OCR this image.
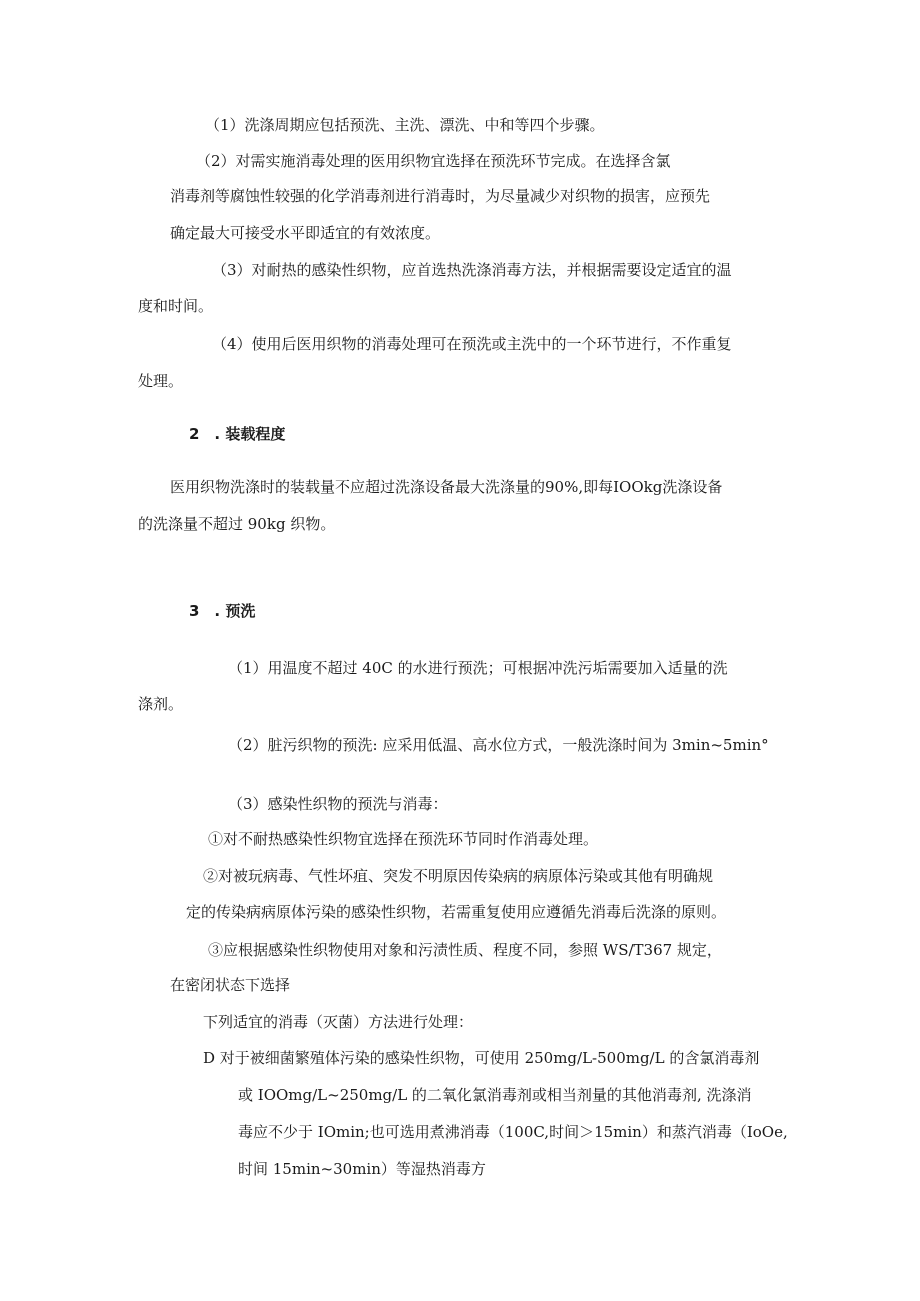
（1）洗涤周期应包括预洗、主洗、漂洗、中和等四个步骤。
（2）对需实施消毒处理的医用织物宜选择在预洗环节完成。在选择含氯
消毒剂等腐蚀性较强的化学消毒剂进行消毒时，为尽量减少对织物的损害，应预先
确定最大可接受水平即适宜的有效浓度。
（3）对耐热的感染性织物，应首选热洗涤消毒方法，并根据需要设定适宜的温
度和时间。
（4）使用后医用织物的消毒处理可在预洗或主洗中的一个环节进行，不作重复
处理。
2　. 装载程度
医用织物洗涤时的装载量不应超过洗涤设备最大洗涤量的90%,即每IOOkg洗涤设备
的洗涤量不超过 90kg 织物。
3　. 预洗
（1）用温度不超过 40C 的水进行预洗；可根据冲洗污垢需要加入适量的洗
涤剂。
（2）脏污织物的预洗: 应采用低温、高水位方式，一般洗涤时间为 3min~5min°
（3）感染性织物的预洗与消毒：
①对不耐热感染性织物宜选择在预洗环节同时作消毒处理。
②对被玩病毒、气性坏疽、突发不明原因传染病的病原体污染或其他有明确规
定的传染病病原体污染的感染性织物，若需重复使用应遵循先消毒后洗涤的原则。
③应根据感染性织物使用对象和污渍性质、程度不同，参照 WS/T367 规定，
在密闭状态下选择
下列适宜的消毒（灭菌）方法进行处理：
D 对于被细菌繁殖体污染的感染性织物，可使用 250mg∕L-500mg∕L 的含氯消毒剂
或 IOOmg∕L~250mg/L 的二氧化氯消毒剂或相当剂量的其他消毒剂, 洗涤消
毒应不少于 IOmin;也可选用煮沸消毒（100C,时间＞15min）和蒸汽消毒（IoOe,
时间 15min~30min）等湿热消毒方
